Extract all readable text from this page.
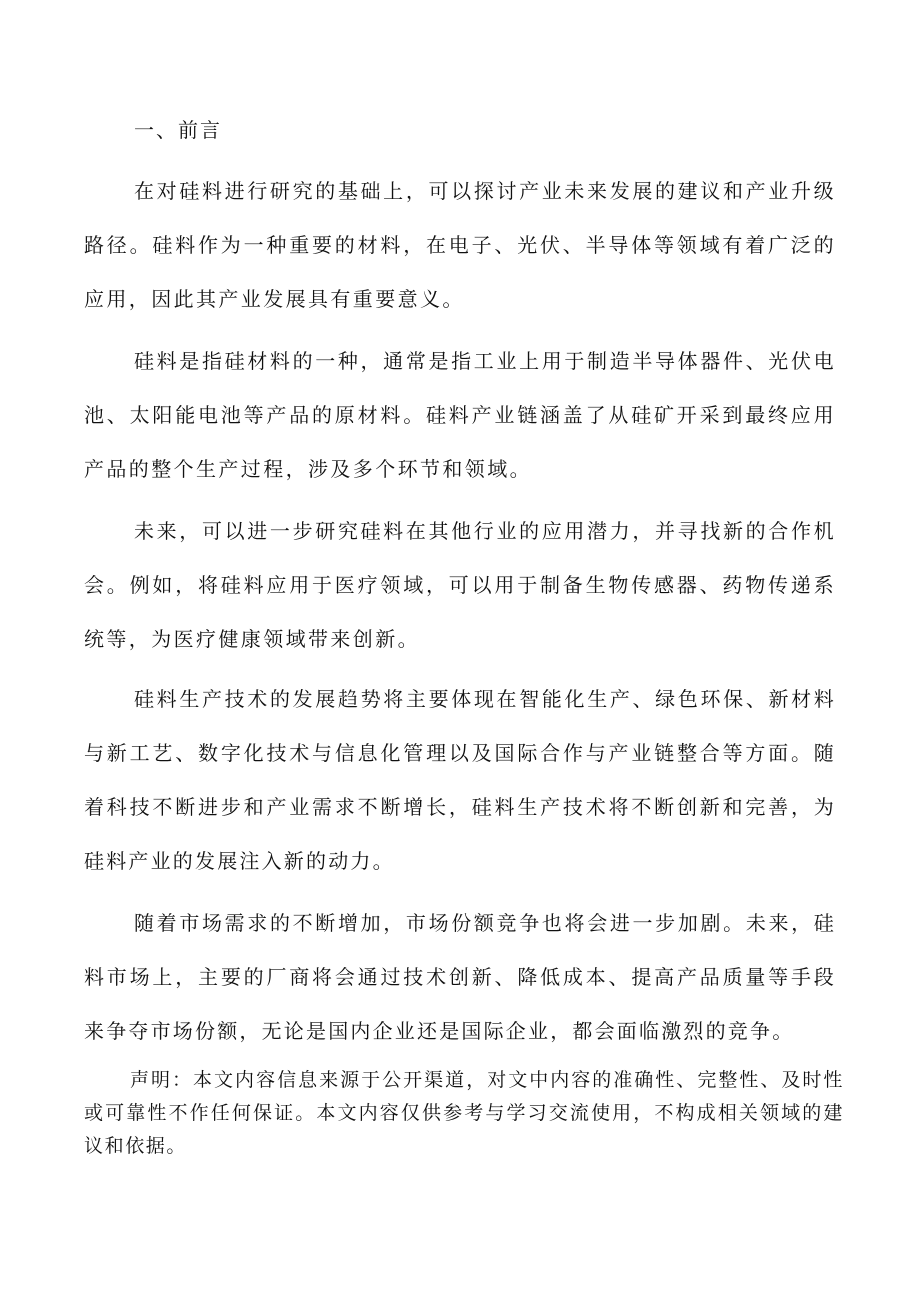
一、前言

在对硅料进行研究的基础上，可以探讨产业未来发展的建议和产业升级路径。硅料作为一种重要的材料，在电子、光伏、半导体等领域有着广泛的应用，因此其产业发展具有重要意义。

硅料是指硅材料的一种，通常是指工业上用于制造半导体器件、光伏电池、太阳能电池等产品的原材料。硅料产业链涵盖了从硅矿开采到最终应用产品的整个生产过程，涉及多个环节和领域。

未来，可以进一步研究硅料在其他行业的应用潜力，并寻找新的合作机会。例如，将硅料应用于医疗领域，可以用于制备生物传感器、药物传递系统等，为医疗健康领域带来创新。

硅料生产技术的发展趋势将主要体现在智能化生产、绿色环保、新材料与新工艺、数字化技术与信息化管理以及国际合作与产业链整合等方面。随着科技不断进步和产业需求不断增长，硅料生产技术将不断创新和完善，为硅料产业的发展注入新的动力。

随着市场需求的不断增加，市场份额竞争也将会进一步加剧。未来，硅料市场上，主要的厂商将会通过技术创新、降低成本、提高产品质量等手段来争夺市场份额，无论是国内企业还是国际企业，都会面临激烈的竞争。

声明：本文内容信息来源于公开渠道，对文中内容的准确性、完整性、及时性或可靠性不作任何保证。本文内容仅供参考与学习交流使用，不构成相关领域的建议和依据。
